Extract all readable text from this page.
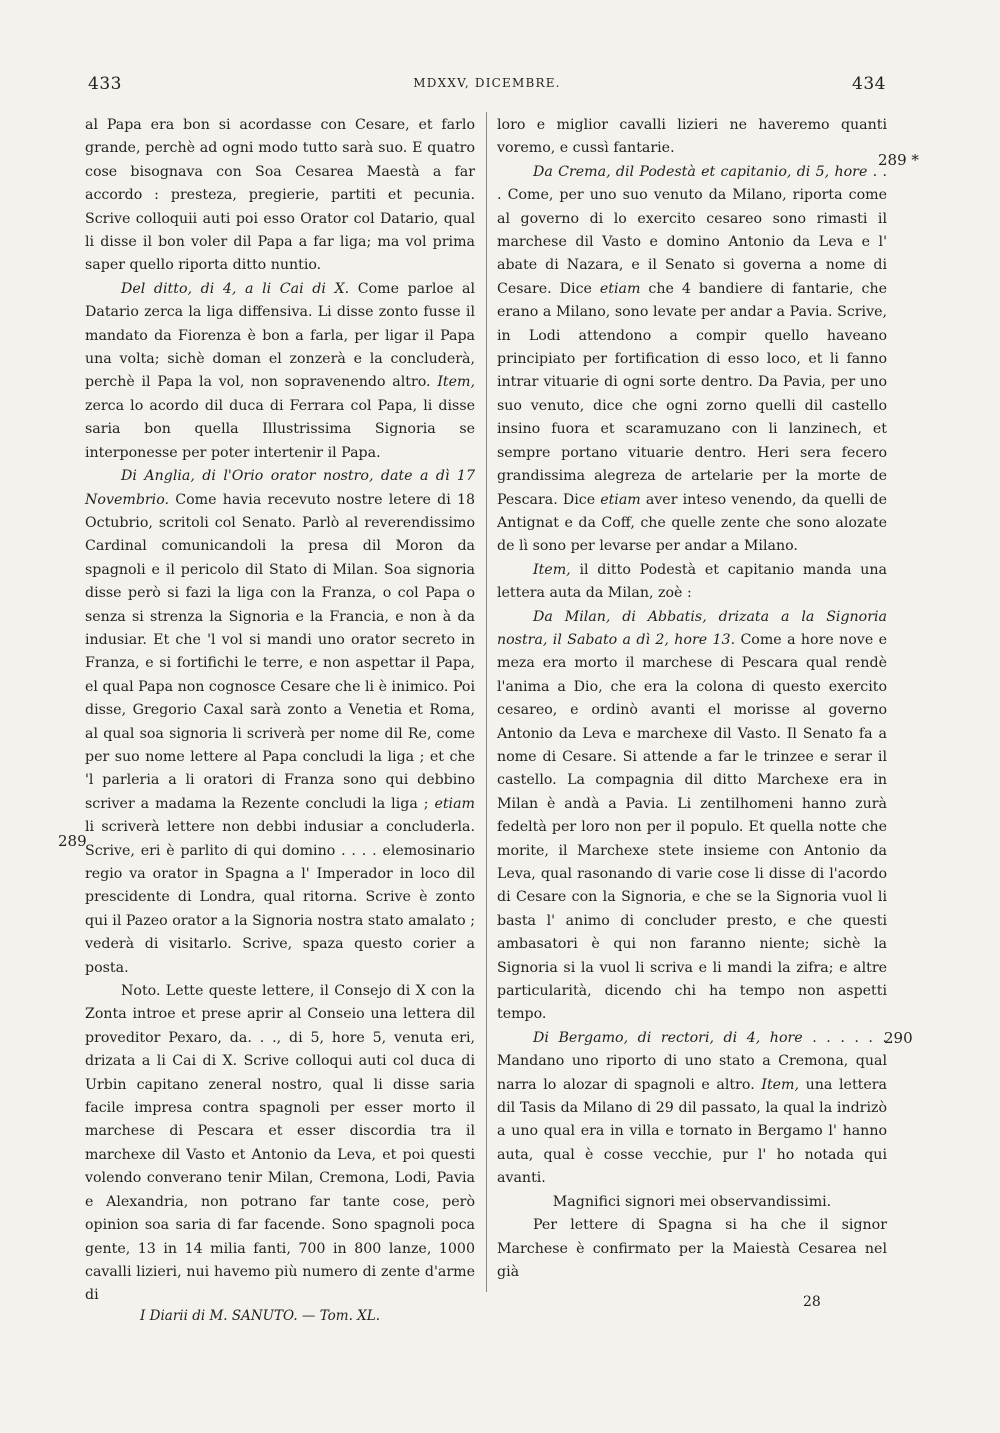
433	MDXXV, DICEMBRE.	434

al Papa era bon si acordasse con Cesare, et farlo grande, perchè ad ogni modo tutto sarà suo. E quatro cose bisognava con Soa Cesarea Maestà a far accordo : presteza, pregierie, partiti et pecunia. Scrive colloquii auti poi esso Orator col Datario, qual li disse il bon voler dil Papa a far liga; ma vol prima saper quello riporta ditto nuntio.

Del ditto, di 4, a li Cai di X. Come parloe al Datario zerca la liga diffensiva. Li disse zonto fusse il mandato da Fiorenza è bon a farla, per ligar il Papa una volta; sichè doman el zonzerà e la concluderà, perchè il Papa la vol, non sopravenendo altro. Item, zerca lo acordo dil duca di Ferrara col Papa, li disse saria bon quella Illustrissima Signoria se interponesse per poter intertenir il Papa.

Di Anglia, di l'Orio orator nostro, date a dì 17 Novembrio. Come havia recevuto nostre letere di 18 Octubrio, scritoli col Senato. Parlò al reverendissimo Cardinal comunicandoli la presa dil Moron da spagnoli e il pericolo dil Stato di Milan. Soa signoria disse però si fazi la liga con la Franza, o col Papa o senza si strenza la Signoria e la Francia, e non à da indusiar. Et che 'l vol si mandi uno orator secreto in Franza, e si fortifichi le terre, e non aspettar il Papa, el qual Papa non cognosce Cesare che li è inimico. Poi disse, Gregorio Caxal sarà zonto a Venetia et Roma, al qual soa signoria li scriverà per nome dil Re, come per suo nome lettere al Papa concludi la liga ; et che 'l parleria a li oratori di Franza sono qui debbino scriver a madama la Rezente concludi la liga ; etiam li scriverà lettere non debbi indusiar a concluderla. Scrive, eri è parlito di qui domino . . . . elemosinario regio va orator in Spagna a l' Imperador in loco dil prescidente di Londra, qual ritorna. Scrive è zonto qui il Pazeo orator a la Signoria nostra stato amalato ; vederà di visitarlo. Scrive, spaza questo corier a posta.

Noto. Lette queste lettere, il Consejo di X con la Zonta introe et prese aprir al Conseio una lettera dil proveditor Pexaro, da. . ., di 5, hore 5, venuta eri, drizata a li Cai di X. Scrive colloqui auti col duca di Urbin capitano zeneral nostro, qual li disse saria facile impresa contra spagnoli per esser morto il marchese di Pescara et esser discordia tra il marchexe dil Vasto et Antonio da Leva, et poi questi volendo converano tenir Milan, Cremona, Lodi, Pavia e Alexandria, non potrano far tante cose, però opinion soa saria di far facende. Sono spagnoli poca gente, 13 in 14 milia fanti, 700 in 800 lanze, 1000 cavalli lizieri, nui havemo più numero di zente d'arme di

loro e miglior cavalli lizieri ne haveremo quanti voremo, e cussì fantarie.

Da Crema, dil Podestà et capitanio, di 5, hore . . . Come, per uno suo venuto da Milano, riporta come al governo di lo exercito cesareo sono rimasti il marchese dil Vasto e domino Antonio da Leva e l' abate di Nazara, e il Senato si governa a nome di Cesare. Dice etiam che 4 bandiere di fantarie, che erano a Milano, sono levate per andar a Pavia. Scrive, in Lodi attendono a compir quello haveano principiato per fortification di esso loco, et li fanno intrar vituarie di ogni sorte dentro. Da Pavia, per uno suo venuto, dice che ogni zorno quelli dil castello insino fuora et scaramuzano con li lanzinech, et sempre portano vituarie dentro. Heri sera fecero grandissima alegreza de artelarie per la morte de Pescara. Dice etiam aver inteso venendo, da quelli de Antignat e da Coff, che quelle zente che sono alozate de lì sono per levarse per andar a Milano.

Item, il ditto Podestà et capitanio manda una lettera auta da Milan, zoè :

Da Milan, di Abbatis, drizata a la Signoria nostra, il Sabato a dì 2, hore 13. Come a hore nove e meza era morto il marchese di Pescara qual rendè l'anima a Dio, che era la colona di questo exercito cesareo, e ordinò avanti el morisse al governo Antonio da Leva e marchexe dil Vasto. Il Senato fa a nome di Cesare. Si attende a far le trinzee e serar il castello. La compagnia dil ditto Marchexe era in Milan è andà a Pavia. Li zentilhomeni hanno zurà fedeltà per loro non per il populo. Et quella notte che morite, il Marchexe stete insieme con Antonio da Leva, qual rasonando di varie cose li disse di l'acordo di Cesare con la Signoria, e che se la Signoria vuol li basta l' animo di concluder presto, e che questi ambasatori è qui non faranno niente; sichè la Signoria si la vuol li scriva e li mandi la zifra; e altre particularità, dicendo chi ha tempo non aspetti tempo.

Di Bergamo, di rectori, di 4, hore . . . . . . Mandano uno riporto di uno stato a Cremona, qual narra lo alozar di spagnoli e altro. Item, una lettera dil Tasis da Milano di 29 dil passato, la qual la indrizò a uno qual era in villa e tornato in Bergamo l' hanno auta, qual è cosse vecchie, pur l' ho notada qui avanti.

Magnifici signori mei observandissimi.

Per lettere di Spagna si ha che il signor Marchese è confirmato per la Maiestà Cesarea nel già

289
289 *
290
I Diarii di M. SANUTO. — Tom. XL.
28
